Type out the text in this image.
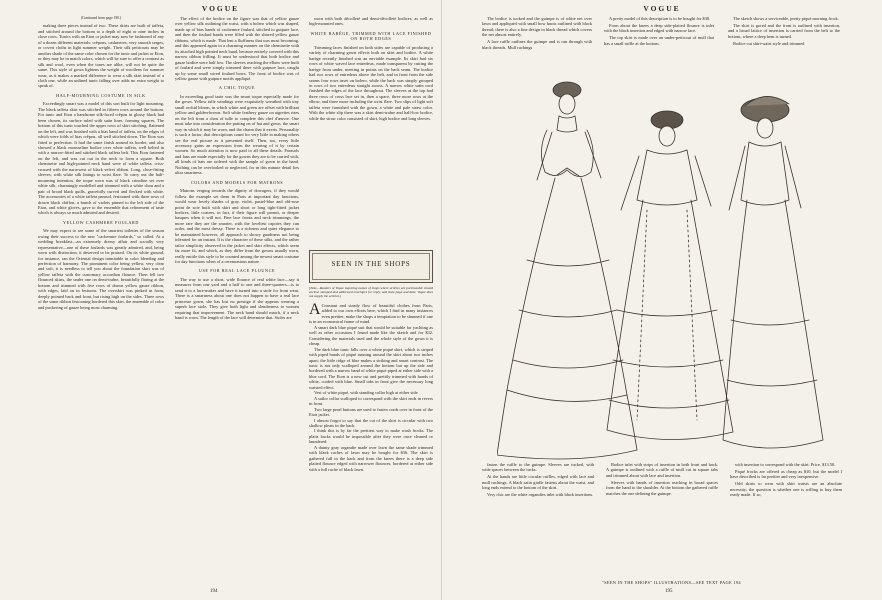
VOGUE

(Continued from page 190.)

making three pieces instead of two. These skirts are built of taffeta, and stitched around the bottom to a depth of eight or nine inches in close rows. Tunics with an Eton or jacket may now be fashioned of any of a dozen different materials: crêpons, cashmeres, very smooth serges, or covert cloths in light summer weight. Their silk petticoats may be another shade of the same color chosen for the tunic and jacket or Eton, or they may be in match colors, which will be sure to offer a contrast as silk and wool, even when the tones are alike, will not be quite the same. This style of gown lightens the weight of woollens for summer wear, as it makes a marked difference to wear a silk skirt instead of a cloth one, while an unlined tunic falling over adds no extra weight to speak of.

HALF-MOURNING COSTUME IN SILK

Exceedingly smart was a model of this sort built for light mourning. The black taffeta skirt was stitched in fifteen rows around the bottom. For tunic and Eton a handsome silk-faced crêpon in glossy black had been chosen, its surface ruled with satin lines, forming squares. The bottom of this tunic touched the upper rows of skirt stitching, flattened on the left, and was finished with a bias band of taffeta, on the edges of which were folds of bias crêpon, all well stitched down. The Eton was fitted to perfection. It had the same finish around its border, and also showed a black mousseline bodice over white taffeta, well belted in with a narrow-fitted and stitched black taffeta belt. This Eton fastened on the left, and was cut out in the neck to form a square. Both chemisette and high-pointed neck band were of white taffeta, criss-crossed with the narrowest of black velvet ribbon. Long, close-fitting sleeves, with white silk linings to wrist flare. To carry out the half-mourning intention, the toque worn was of black crinoline set over white silk, charmingly modelled and trimmed with a white chou and a pair of broad black quills, gracefully curved and flecked with white. The accessories of a white taffeta parasol, festooned with three rows of drawn black chiffon, a bunch of violets pinned to the left side of the Eton, and white gloves, gave to the ensemble that refinement of taste which is always so much admired and desired.

YELLOW CASHMERE FOULARD

We may expect to see some of the smartest toilettes of the season owing their success to the new "cachemire foulards," so called. At a wedding breakfast—an extremely dressy affair and socially very representative—one of these foulards was greatly admired, and, being worn with distinction, it deserved to be praised. On its white ground, for instance, ran the Oriental design inimitable in color blending and perfection of harmony. The prominent color being yellow, very clear and soft, it is needless to tell you about the foundation skirt was of yellow taffeta with the customary accordion flounce. Then fell two flounced skirts, the under one on demi-traîne, beautifully flaring at the bottom and trimmed with five rows of drawn yellow gauze ribbon, with edges, laid on in festoons. The overskirt was pinked in form, deeply pointed back and front, but rising high on the sides. Three rows of the same ribbon festooning bordered this skirt, the ensemble of color and puckering of gauze being most charming.

The effect of the bodice on the figure was that of yellow gauze over yellow silk outlining the waist, with a bolero which was shaped, made up of bias bands of cachemire foulard, stitched to guipure lace, and then the foulard bands were filled with the shirred yellow gauze ribbons, which is made. That lent a fluffiness that was most becoming, and this appeared again in a charming manner on the chemisette with its attached high pointed neck band, because entirely covered with this narrow ribbon frilling. It must be understood that both bodice and gauze bodice were half low. The sleeves reaching the elbow were built of foulard and were simply trimmed there with guipure lace, caught up by some small wired foulard bows. The front of bodice was of yellow gauze with guipure motifs appliqué.

A CHIC TOQUE

In exceeding good taste was the smart toque especially made for the gown. Yellow tulle windings were exquisitely wreathed with tiny small orchid bloom, in which white and green are offset with brilliant yellow and golden-brown. Soft white feathery gauze on aigrettes rises on the left from a chou of tulle to complete this chef d'œuvre. One must take into consideration the putting on of hat and gown, the smart way in which it may be worn, and the charm that it exerts. Personality is such a factor, that descriptions count for very little in making others see the real picture as it presented itself. Then, too, every little accessory gains an expression from the wearing of it by certain women. So much attention is now paid to all these details. Parasols and fans are made especially for the gowns they are to be carried with, all kinds of hats are ordered with the sample of gown in the hand. Nothing can be overlooked or neglected, for in this minute detail lies ultra smartness.

COLORS AND MODELS FOR MATRONS

Matrons verging towards the dignity of dowagers, if they would follow the example set them in Paris at important day functions, would wear lovely shades of gray, violet, pastel-blue and old-rose point de soie built with skirt and short or long tight-fitted jacket bodices, little coatees, in fact, if their figure will permit, or deeper basques when it will not. Fine lace fronts and neck trimmings, the more rare they are the smarter, with the loveliest capotes they can order, and the most dressy. There is a richness and quiet elegance to be maintained however, all approach to showy gaudiness not being tolerated for an instant. It is the character of these silks, and the rather tailor simplicity observed in the jacket and skirt effects, which seem far more fit, and which, as they differ from the gowns usually worn, really entitle this style to be counted among the newest smart costume for day functions when of a ceremonious nature.

USE FOR REAL LACE FLOUNCE

The way to use a short, wide flounce of real white lace—say it measures from one yard and a half to one and three-quarters—is to send it to a lace-maker and have it turned into a stole for front wear. There is a smartness about one does not happen to have a real lace princesse gown, she has lost no prestige if she appears wearing a superb lace stole. They give both light and slenderness to women requiring that improvement. The neck band should match, if a neck band is worn. The length of the lace will determine that. Stoles are

worn with both décolleté and demi-décolleté bodices, as well as high-mounted ones.

WHITE BARÈGE, TRIMMED WITH LACE FINISHED ON BOTH EDGES

Trimming laces finished on both sides are capable of producing a variety of charming gown effects both on skirt and bodice. A white barège recently finished was an enviable example. Its skirt had six rows of white waved lace entredeux, made transparent by cutting the barège from under, meeting in points on the back seam. The bodice had two rows of entredeux above the belt, and in front from the side seams four rows inset on bolero, while the back was simply grouped in rows of two entredeux straight across. A narrow white satin cord finished the edges of the lace throughout. The sleeves at the top had three rows of cross lace set in, then a space, three more rows at the elbow, and three more including the wrist flare. Two slips of light soft taffeta were furnished with the gown, a white and pale straw color. With the white slip there was a skirt demi-traîne and half-low bodice, while the straw color consisted of skirt, high bodice and long sleeves.

194
SEEN IN THE SHOPS
[Note—Readers of Vogue inquiring names of shops where articles are purchasable should enclose stamped and addressed envelopes for reply, and state page and date. Vogue does not supply the articles.]
A Constant and steady flow of beautiful clothes from Paris, added to our own efforts here, which I find in many instances even prettier, make the shops a temptation to be shunned if one is in an economical frame of mind.
A smart dark blue piqué suit that would be suitable for yachting as well as other occasions I found made like the sketch and for $32. Considering the materials used and the whole style of the gown it is cheap.
The dark blue tunic falls over a white piqué skirt, which is striped with piped bands of piqué running around the skirt about two inches apart; the little ridge of blue makes a striking and smart contrast. The tunic is not only scalloped around the bottom but up the side and bordered with a narrow band of white piqué piped at either side with a blue cord. The Eton is a new cut and prettily trimmed with bands of white, corded with blue. Small tabs in front give the necessary long waisted effect.
Vest of white piqué, with standing collar high at either side.
A sailor collar scalloped to correspond with the skirt ends in revers in front.
Two large pearl buttons are used to fasten cords over in front of the Eton jacket.
I almost forgot to say that the cut of the skirt is circular with two shallow pleats in the back.
I think this is by far the prettiest way to make wash frocks. The plaits backs would be impossible after they were once cleaned or laundered.
A dainty gray organdie made over lawn the same shade trimmed with black ruches of lawn may be bought for $36. The skirt is gathered full in the back and from the knees there is a deep side plaited flounce edged with narrower flounces, bordered at either side with a full ruche of black lawn.
VOGUE

The bodice is tucked and the guimpe is of white net over lawn and appliquéd with small bow knots outlined with black thread; there is also a fine design in black thread which covers the net almost entirely.

A lace ruffle outlines the guimpe and is run through with black threads. Mull ruchings

A pretty model of this description is to be bought for $38.

From about the knees a deep side-plaited flounce is inlet with the black insertion and edged with narrow lace.

The top skirt is made over an under-petticoat of mull that has a small ruffle at the bottom.

The sketch shows a serviceable, pretty piqué morning frock.

The skirt is gored and the front is outlined with insertion, and a broad lattice of insertion is carried from the belt to the bottom, where a deep hem is turned.

Bodice cut shirt-waist style and trimmed

fasten the ruffle to the guimpe. Sleeves are tucked, with wide spaces between the tucks.

At the hands are little circular ruffles, edged with lace and mull ruchings. A black satin girdle fastens about the waist, and long ends extend to the bottom of the skirt.

Very chic are the white organdies inlet with black insertions.

Bodice inlet with strips of insertion in both front and back. A guimpe is outlined with a ruffle of mull cut in square tabs and trimmed about with lace and insertion.

Sleeves with bands of insertion reaching in broad spaces from the hand to the shoulder. At the bottom the gathered ruffle matches the one defining the guimpe.

with insertion to correspond with the skirt. Price, $13.50.

Piqué frocks are offered as cheap as $10, but the model I have described is far prettier and very inexpensive.

Odd skirts to wear with shirt waists are an absolute necessity; the question is whether one is willing to buy them ready made. If so,

"SEEN IN THE SHOPS" ILLUSTRATIONS—SEE TEXT PAGE 194
195
